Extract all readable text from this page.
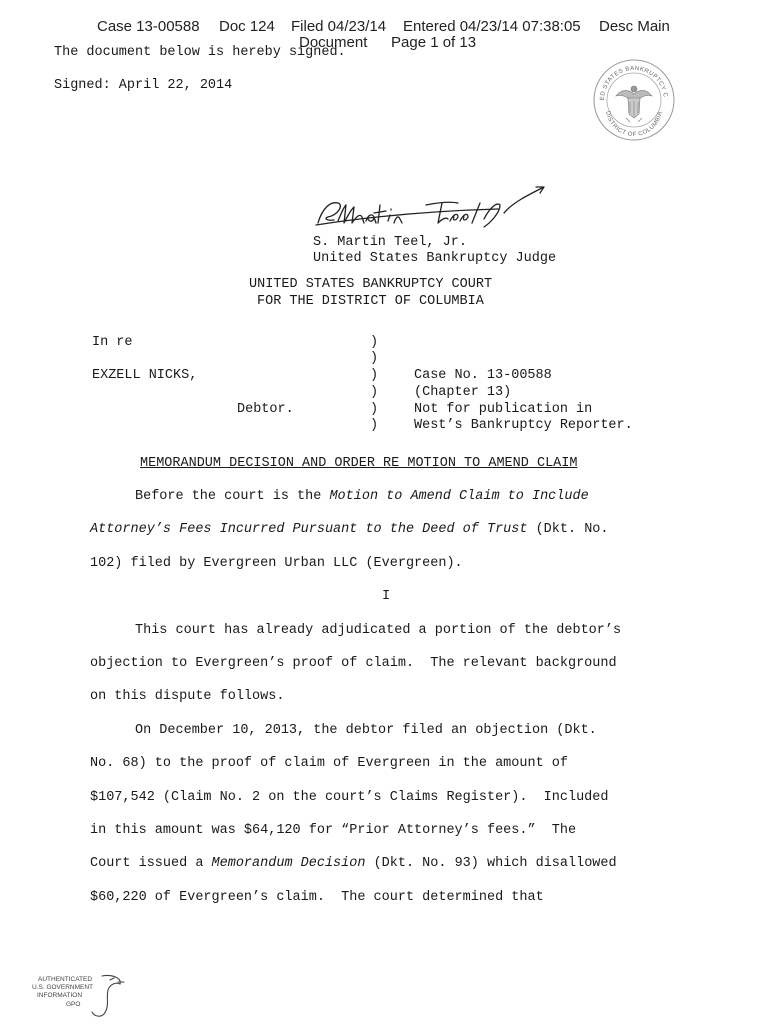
Case 13-00588 Doc 124 Filed 04/23/14 Entered 04/23/14 07:38:05 Desc Main
Document Page 1 of 13
The document below is hereby signed.
Signed: April 22, 2014
UNITED STATES BANKRUPTCY COURT
DISTRICT OF COLUMBIA
S. Martin Teel, Jr.
United States Bankruptcy Judge
UNITED STATES BANKRUPTCY COURT
FOR THE DISTRICT OF COLUMBIA
In re
EXZELL NICKS,
Debtor.
)
)
)
)
)
)
Case No. 13-00588
(Chapter 13)
Not for publication in
West’s Bankruptcy Reporter.
MEMORANDUM DECISION AND ORDER RE MOTION TO AMEND CLAIM
Before the court is the Motion to Amend Claim to Include
Attorney’s Fees Incurred Pursuant to the Deed of Trust (Dkt. No.
102) filed by Evergreen Urban LLC (Evergreen).
I
This court has already adjudicated a portion of the debtor’s
objection to Evergreen’s proof of claim.  The relevant background
on this dispute follows.
On December 10, 2013, the debtor filed an objection (Dkt.
No. 68) to the proof of claim of Evergreen in the amount of
$107,542 (Claim No. 2 on the court’s Claims Register).  Included
in this amount was $64,120 for “Prior Attorney’s fees.”  The
Court issued a Memorandum Decision (Dkt. No. 93) which disallowed
$60,220 of Evergreen’s claim.  The court determined that
AUTHENTICATED
U.S. GOVERNMENT
INFORMATION
GPO
